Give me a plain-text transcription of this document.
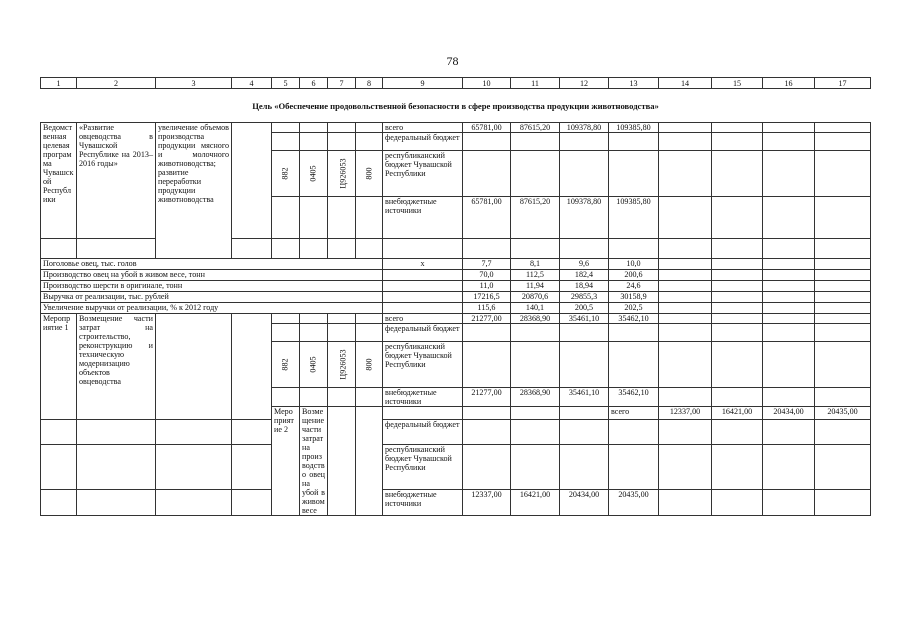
78
1	2	3	4	5	6	7	8	9	10	11	12	13	14	15	16	17	
Цель «Обеспечение продовольственной безопасности в сфере производства продукции животноводства»																	
Ведомственная целевая программа Чувашской Республики	«Развитие овцеводства в Чувашской Республике на 2013–2016 годы»	увеличение объемов производства продукции мясного и молочного животноводства; развитие переработки продукции животноводства						всего	65781,00	87615,20	109378,80	109385,80					
								федеральный бюджет									
				882	0405	Ц926053	800	республиканский бюджет Чувашской Республики									
								внебюджетные источники	65781,00	87615,20	109378,80	109385,80					

Поголовье овец, тыс. голов								х	7,7	8,1	9,6	10,0					
Производство овец на убой в живом весе, тонн									70,0	112,5	182,4	200,6					
Производство шерсти в оригинале, тонн									11,0	11,94	18,94	24,6					
Выручка от реализации, тыс. рублей									17216,5	20870,6	29855,3	30158,9					
Увеличение выручки от реализации, % к 2012 году									115,6	140,1	200,5	202,5					
Мероприятие 1	Возмещение части затрат на строительство, реконструкцию и техническую модернизацию объектов овцеводства							всего	21277,00	28368,90	35461,10	35462,10					
								федеральный бюджет									
				882	0405	Ц926053	800	республиканский бюджет Чувашской Республики									
								внебюджетные источники	21277,00	28368,90	35461,10	35462,10					
				Мероприятие 2	Возмещение части затрат на производство овец на убой в живом весе							всего	12337,00	16421,00	20434,00	20435,00				
								федеральный бюджет									
								республиканский бюджет Чувашской Республики									
								внебюджетные источники	12337,00	16421,00	20434,00	20435,00					
